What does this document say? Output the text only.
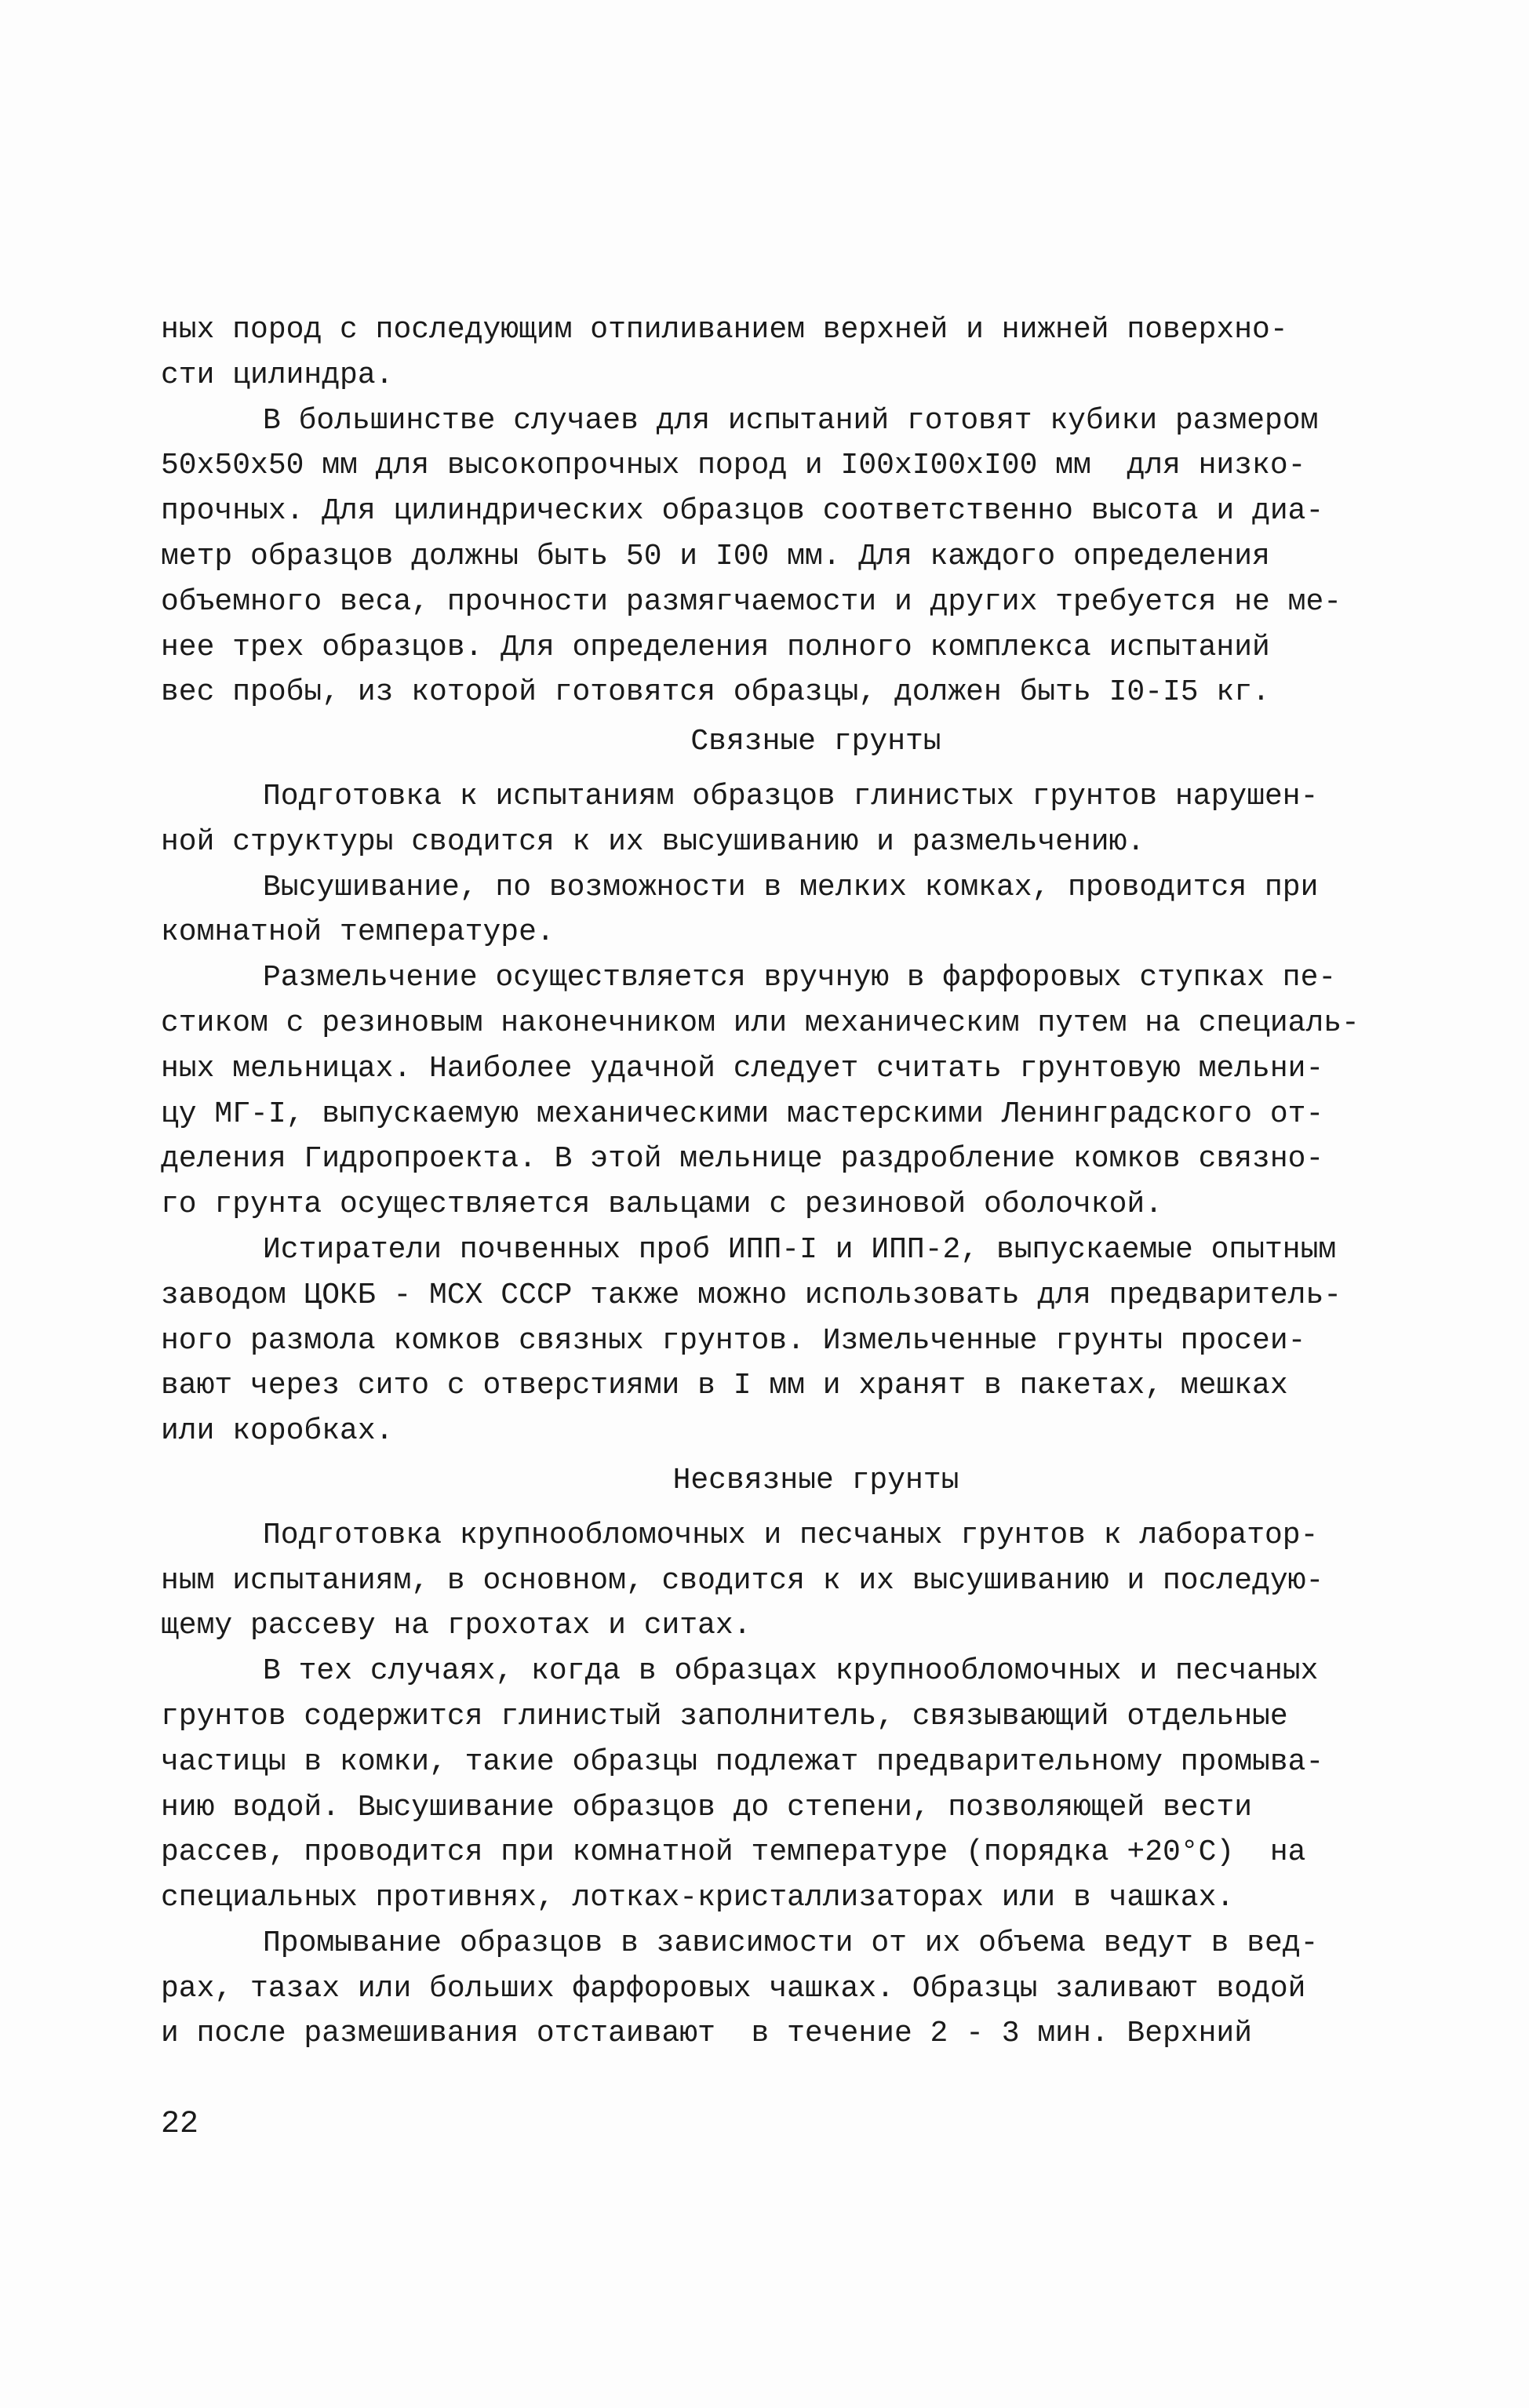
ных пород с последующим отпиливанием верхней и нижней поверхно-
сти цилиндра.
В большинстве случаев для испытаний готовят кубики размером
50x50x50 мм для высокопрочных пород и I00xI00xI00 мм  для низко-
прочных. Для цилиндрических образцов соответственно высота и диа-
метр образцов должны быть 50 и I00 мм. Для каждого определения
объемного веса, прочности размягчаемости и других требуется не ме-
нее трех образцов. Для определения полного комплекса испытаний
вес пробы, из которой готовятся образцы, должен быть I0-I5 кг.
Связные грунты
Подготовка к испытаниям образцов глинистых грунтов нарушен-
ной структуры сводится к их высушиванию и размельчению.
Высушивание, по возможности в мелких комках, проводится при
комнатной температуре.
Размельчение осуществляется вручную в фарфоровых ступках пе-
стиком с резиновым наконечником или механическим путем на специаль-
ных мельницах. Наиболее удачной следует считать грунтовую мельни-
цу МГ-I, выпускаемую механическими мастерскими Ленинградского от-
деления Гидропроекта. В этой мельнице раздробление комков связно-
го грунта осуществляется вальцами с резиновой оболочкой.
Истиратели почвенных проб ИПП-I и ИПП-2, выпускаемые опытным
заводом ЦОКБ - МСХ СССР также можно использовать для предваритель-
ного размола комков связных грунтов. Измельченные грунты просеи-
вают через сито с отверстиями в I мм и хранят в пакетах, мешках
или коробках.
Несвязные грунты
Подготовка крупнообломочных и песчаных грунтов к лаборатор-
ным испытаниям, в основном, сводится к их высушиванию и последую-
щему рассеву на грохотах и ситах.
В тех случаях, когда в образцах крупнообломочных и песчаных
грунтов содержится глинистый заполнитель, связывающий отдельные
частицы в комки, такие образцы подлежат предварительному промыва-
нию водой. Высушивание образцов до степени, позволяющей вести
рассев, проводится при комнатной температуре (порядка +20°С)  на
специальных противнях, лотках-кристаллизаторах или в чашках.
Промывание образцов в зависимости от их объема ведут в вед-
рах, тазах или больших фарфоровых чашках. Образцы заливают водой
и после размешивания отстаивают  в течение 2 - 3 мин. Верхний
22
